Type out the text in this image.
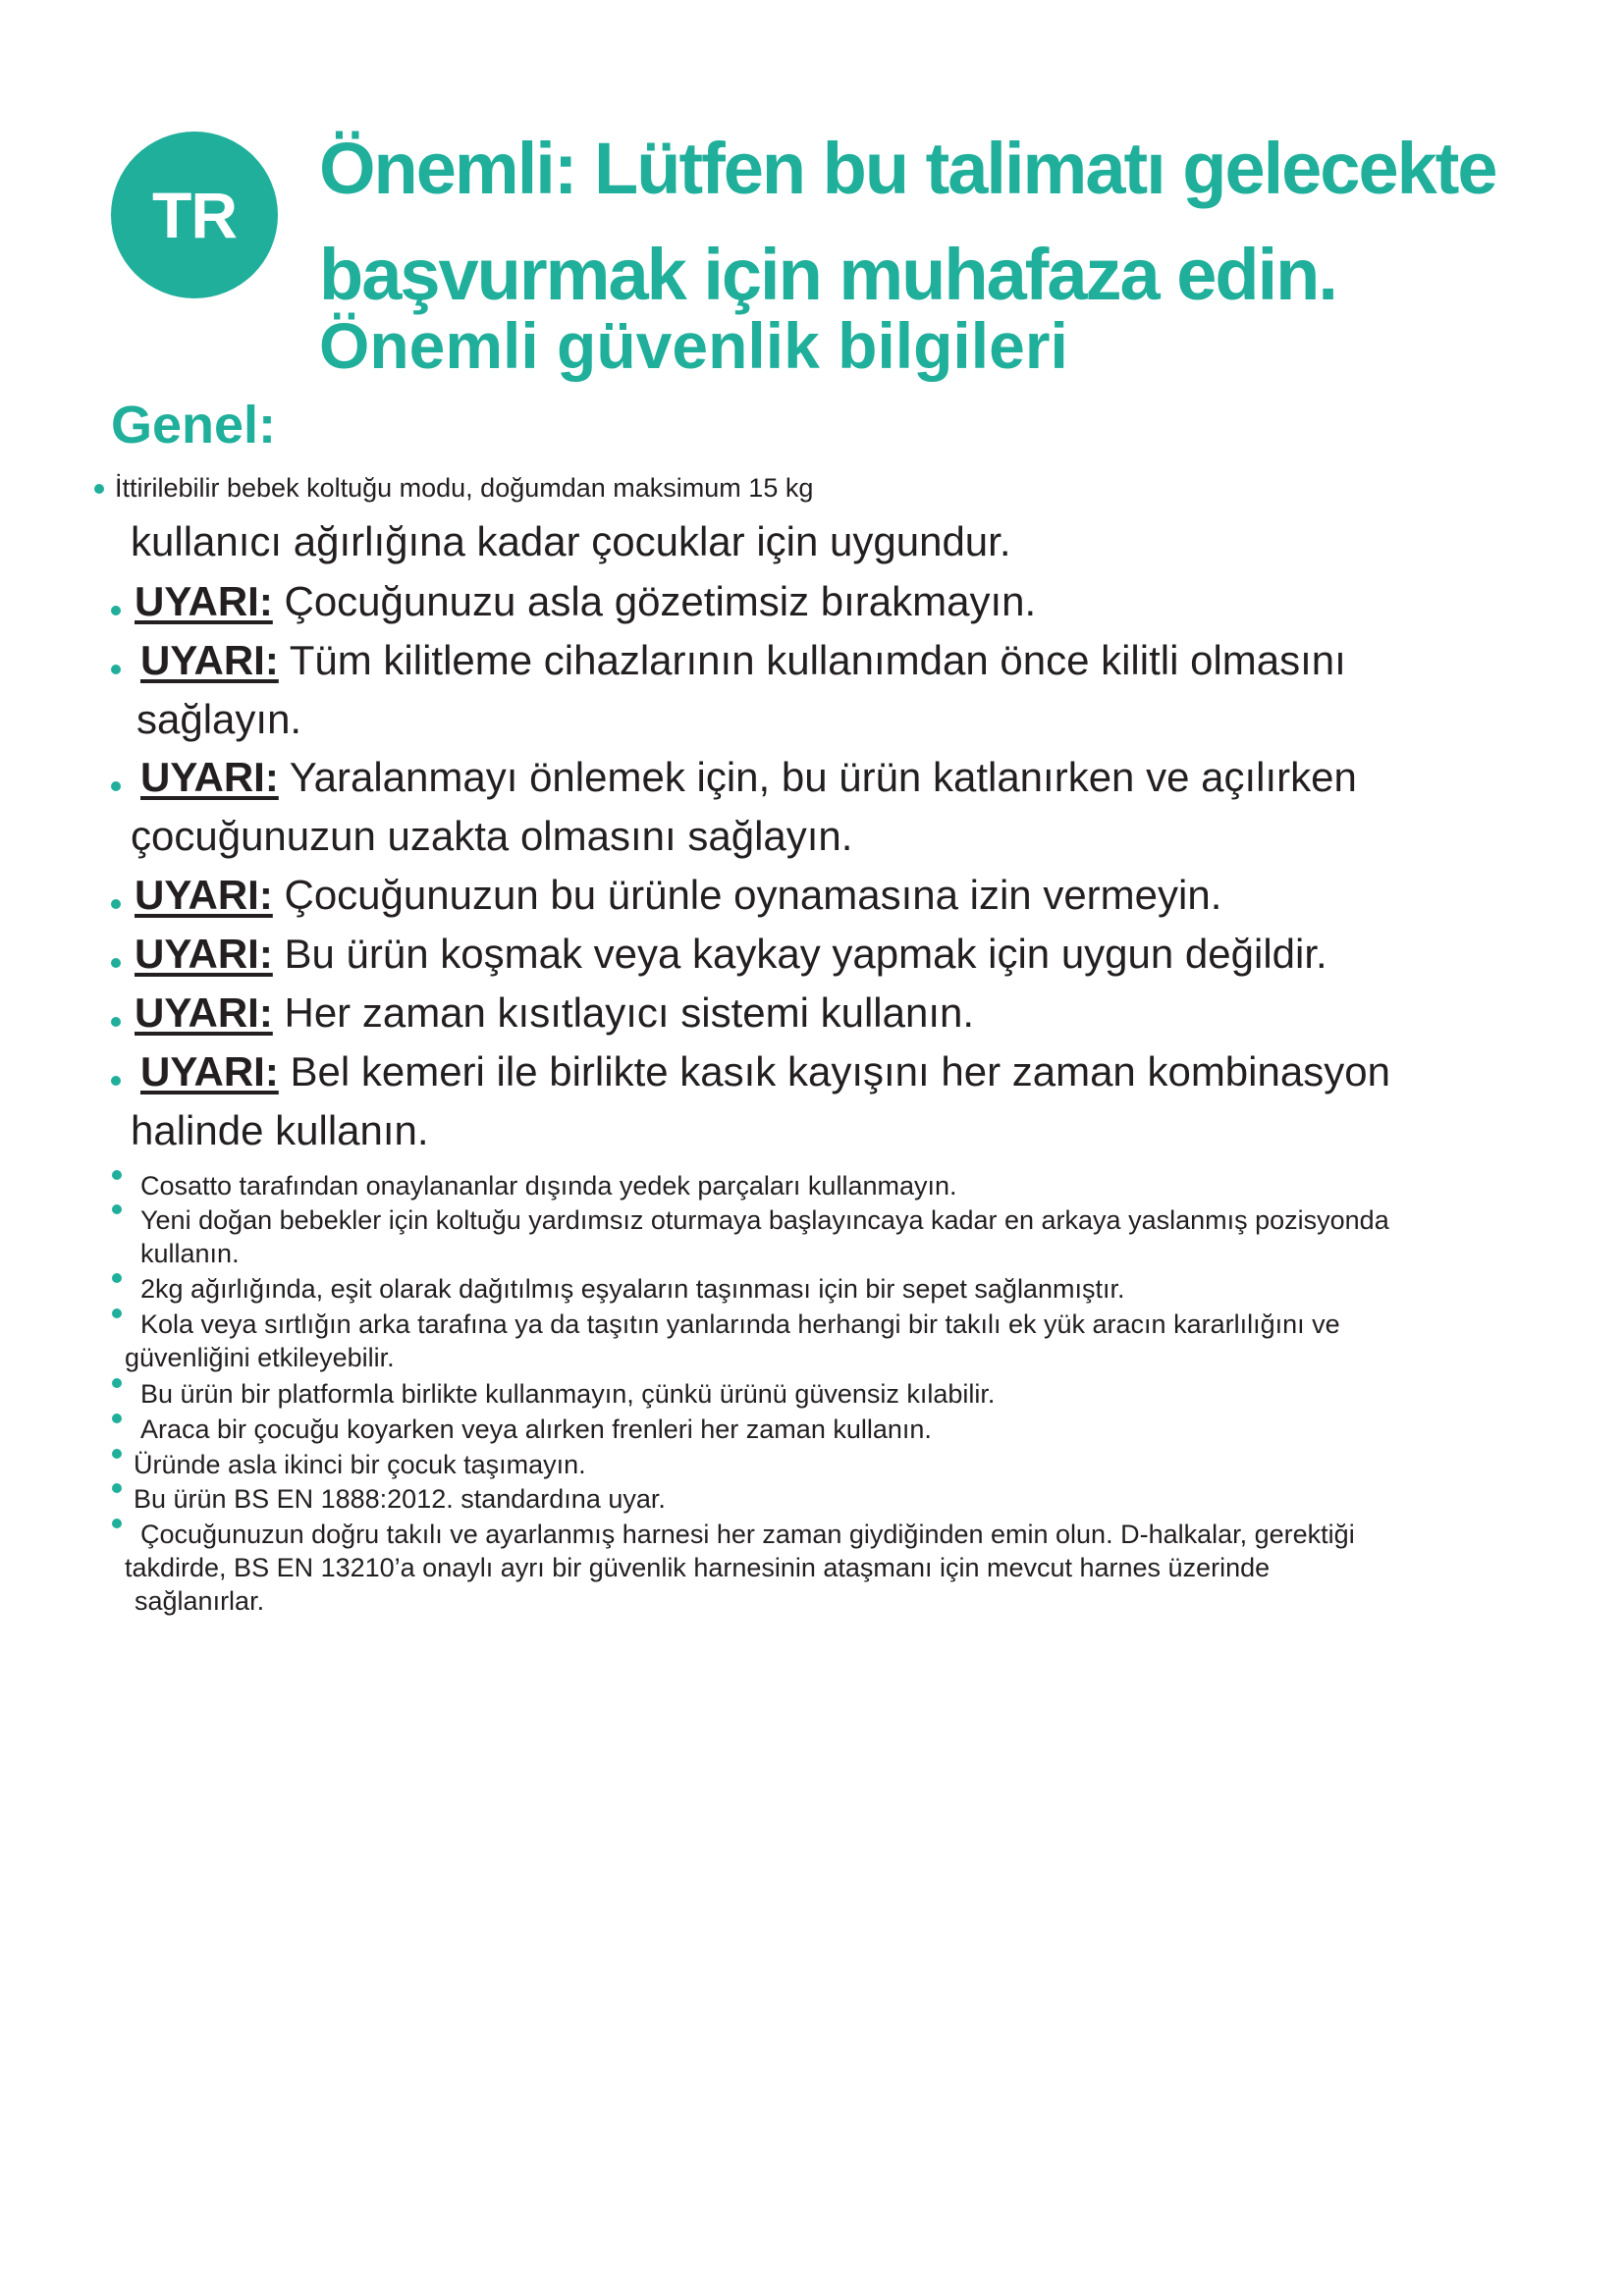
TR
Önemli: Lütfen bu talimatı gelecekte
başvurmak için muhafaza edin.
Önemli güvenlik bilgileri
Genel:
İttirilebilir bebek koltuğu modu, doğumdan maksimum 15 kg
kullanıcı ağırlığına kadar çocuklar için uygundur.
UYARI: Çocuğunuzu asla gözetimsiz bırakmayın.
UYARI: Tüm kilitleme cihazlarının kullanımdan önce kilitli olmasını
sağlayın.
UYARI: Yaralanmayı önlemek için, bu ürün katlanırken ve açılırken
çocuğunuzun uzakta olmasını sağlayın.
UYARI: Çocuğunuzun bu ürünle oynamasına izin vermeyin.
UYARI: Bu ürün koşmak veya kaykay yapmak için uygun değildir.
UYARI: Her zaman kısıtlayıcı sistemi kullanın.
UYARI: Bel kemeri ile birlikte kasık kayışını her zaman kombinasyon
halinde kullanın.
Cosatto tarafından onaylananlar dışında yedek parçaları kullanmayın.
Yeni doğan bebekler için koltuğu yardımsız oturmaya başlayıncaya kadar en arkaya yaslanmış pozisyonda
kullanın.
2kg ağırlığında, eşit olarak dağıtılmış eşyaların taşınması için bir sepet sağlanmıştır.
Kola veya sırtlığın arka tarafına ya da taşıtın yanlarında herhangi bir takılı ek yük aracın kararlılığını ve
güvenliğini etkileyebilir.
Bu ürün bir platformla birlikte kullanmayın, çünkü ürünü güvensiz kılabilir.
Araca bir çocuğu koyarken veya alırken frenleri her zaman kullanın.
Üründe asla ikinci bir çocuk taşımayın.
Bu ürün BS EN 1888:2012. standardına uyar.
Çocuğunuzun doğru takılı ve ayarlanmış harnesi her zaman giydiğinden emin olun. D-halkalar, gerektiği
takdirde, BS EN 13210’a onaylı ayrı bir güvenlik harnesinin ataşmanı için mevcut harnes üzerinde
sağlanırlar.
